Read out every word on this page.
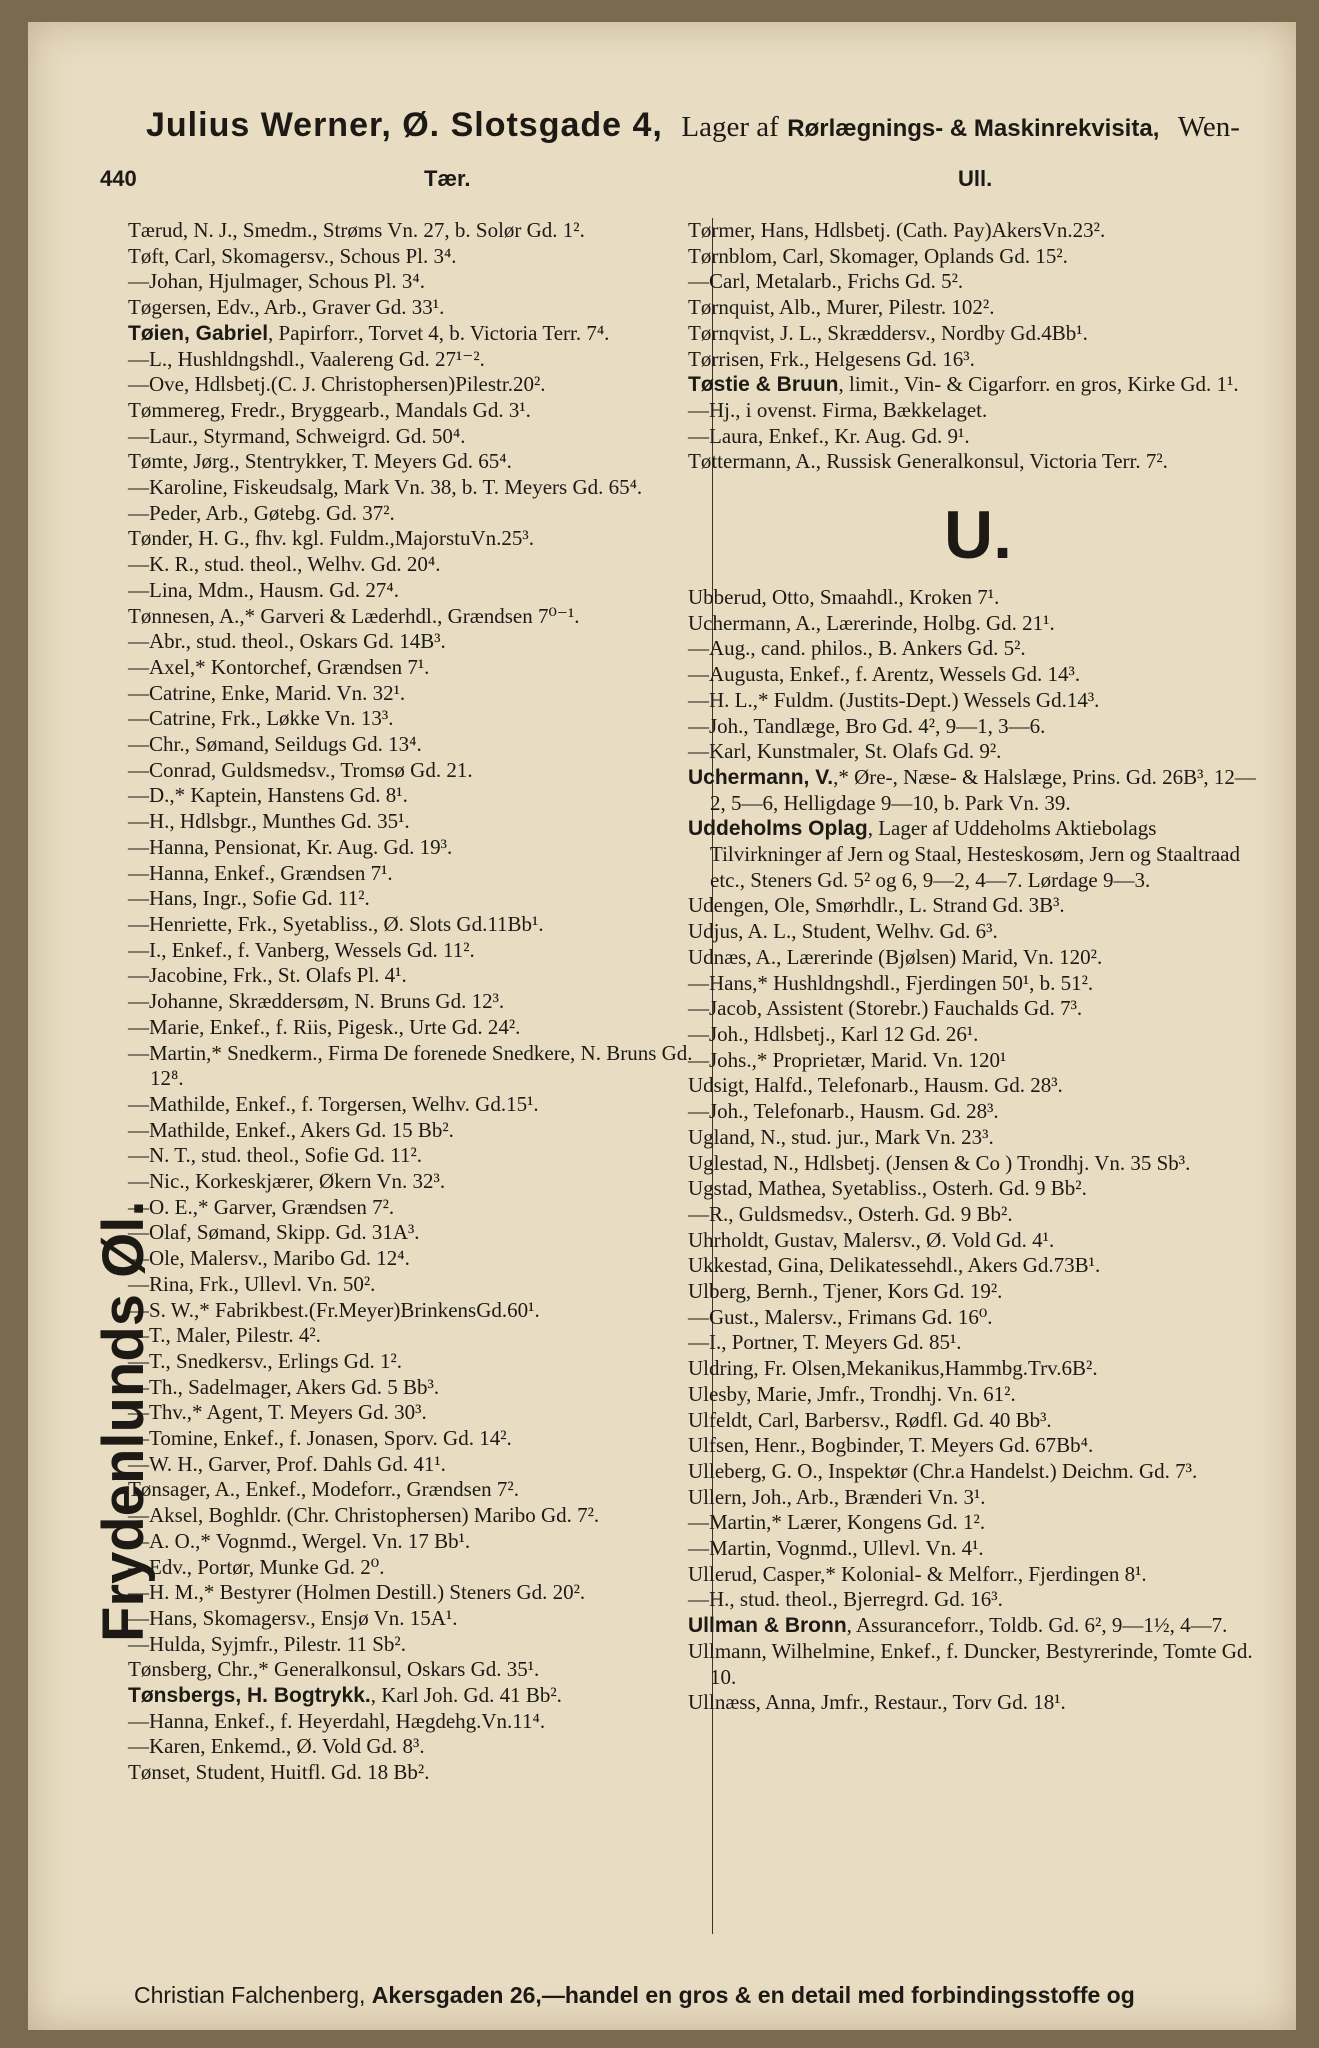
Julius Werner, Ø. Slotsgade 4, Lager af Rørlægnings- & Maskinrekvisita, Wen-
440	Tær.	Ull.
Frydenlunds Øl.
Tærud, N. J., Smedm., Strøms Vn. 27, b. Solør Gd. 1².
Tøft, Carl, Skomagersv., Schous Pl. 3⁴.
—Johan, Hjulmager, Schous Pl. 3⁴.
Tøgersen, Edv., Arb., Graver Gd. 33¹.
Tøien, Gabriel, Papirforr., Torvet 4, b. Victoria Terr. 7⁴.
—L., Hushldngshdl., Vaalereng Gd. 27¹⁻².
—Ove, Hdlsbetj.(C. J. Christophersen)Pilestr.20².
Tømmereg, Fredr., Bryggearb., Mandals Gd. 3¹.
—Laur., Styrmand, Schweigrd. Gd. 50⁴.
Tømte, Jørg., Stentrykker, T. Meyers Gd. 65⁴.
—Karoline, Fiskeudsalg, Mark Vn. 38, b. T. Meyers Gd. 65⁴.
—Peder, Arb., Gøtebg. Gd. 37².
Tønder, H. G., fhv. kgl. Fuldm.,MajorstuVn.25³.
—K. R., stud. theol., Welhv. Gd. 20⁴.
—Lina, Mdm., Hausm. Gd. 27⁴.
Tønnesen, A.,* Garveri & Læderhdl., Grændsen 7⁰⁻¹.
—Abr., stud. theol., Oskars Gd. 14B³.
—Axel,* Kontorchef, Grændsen 7¹.
—Catrine, Enke, Marid. Vn. 32¹.
—Catrine, Frk., Løkke Vn. 13³.
—Chr., Sømand, Seildugs Gd. 13⁴.
—Conrad, Guldsmedsv., Tromsø Gd. 21.
—D.,* Kaptein, Hanstens Gd. 8¹.
—H., Hdlsbgr., Munthes Gd. 35¹.
—Hanna, Pensionat, Kr. Aug. Gd. 19³.
—Hanna, Enkef., Grændsen 7¹.
—Hans, Ingr., Sofie Gd. 11².
—Henriette, Frk., Syetabliss., Ø. Slots Gd.11Bb¹.
—I., Enkef., f. Vanberg, Wessels Gd. 11².
—Jacobine, Frk., St. Olafs Pl. 4¹.
—Johanne, Skræddersøm, N. Bruns Gd. 12³.
—Marie, Enkef., f. Riis, Pigesk., Urte Gd. 24².
—Martin,* Snedkerm., Firma De forenede Snedkere, N. Bruns Gd. 12⁸.
—Mathilde, Enkef., f. Torgersen, Welhv. Gd.15¹.
—Mathilde, Enkef., Akers Gd. 15 Bb².
—N. T., stud. theol., Sofie Gd. 11².
—Nic., Korkeskjærer, Økern Vn. 32³.
—O. E.,* Garver, Grændsen 7².
—Olaf, Sømand, Skipp. Gd. 31A³.
—Ole, Malersv., Maribo Gd. 12⁴.
—Rina, Frk., Ullevl. Vn. 50².
—S. W.,* Fabrikbest.(Fr.Meyer)BrinkensGd.60¹.
—T., Maler, Pilestr. 4².
—T., Snedkersv., Erlings Gd. 1².
—Th., Sadelmager, Akers Gd. 5 Bb³.
—Thv.,* Agent, T. Meyers Gd. 30³.
—Tomine, Enkef., f. Jonasen, Sporv. Gd. 14².
—W. H., Garver, Prof. Dahls Gd. 41¹.
Tønsager, A., Enkef., Modeforr., Grændsen 7².
—Aksel, Boghldr. (Chr. Christophersen) Maribo Gd. 7².
—A. O.,* Vognmd., Wergel. Vn. 17 Bb¹.
—Edv., Portør, Munke Gd. 2⁰.
—H. M.,* Bestyrer (Holmen Destill.) Steners Gd. 20².
—Hans, Skomagersv., Ensjø Vn. 15A¹.
—Hulda, Syjmfr., Pilestr. 11 Sb².
Tønsberg, Chr.,* Generalkonsul, Oskars Gd. 35¹.
Tønsbergs, H. Bogtrykk., Karl Joh. Gd. 41 Bb².
—Hanna, Enkef., f. Heyerdahl, Hægdehg.Vn.11⁴.
—Karen, Enkemd., Ø. Vold Gd. 8³.
Tønset, Student, Huitfl. Gd. 18 Bb².
Tørmer, Hans, Hdlsbetj. (Cath. Pay)AkersVn.23².
Tørnblom, Carl, Skomager, Oplands Gd. 15².
—Carl, Metalarb., Frichs Gd. 5².
Tørnquist, Alb., Murer, Pilestr. 102².
Tørnqvist, J. L., Skræddersv., Nordby Gd.4Bb¹.
Tørrisen, Frk., Helgesens Gd. 16³.
Tøstie & Bruun, limit., Vin- & Cigarforr. en gros, Kirke Gd. 1¹.
—Hj., i ovenst. Firma, Bækkelaget.
—Laura, Enkef., Kr. Aug. Gd. 9¹.
Tøttermann, A., Russisk Generalkonsul, Victoria Terr. 7².
U.
Ubberud, Otto, Smaahdl., Kroken 7¹.
Uchermann, A., Lærerinde, Holbg. Gd. 21¹.
—Aug., cand. philos., B. Ankers Gd. 5².
—Augusta, Enkef., f. Arentz, Wessels Gd. 14³.
—H. L.,* Fuldm. (Justits-Dept.) Wessels Gd.14³.
—Joh., Tandlæge, Bro Gd. 4², 9—1, 3—6.
—Karl, Kunstmaler, St. Olafs Gd. 9².
Uchermann, V.,* Øre-, Næse- & Halslæge, Prins. Gd. 26B³, 12—2, 5—6, Helligdage 9—10, b. Park Vn. 39.
Uddeholms Oplag, Lager af Uddeholms Aktiebolags Tilvirkninger af Jern og Staal, Hesteskosøm, Jern og Staaltraad etc., Steners Gd. 5² og 6, 9—2, 4—7. Lørdage 9—3.
Udengen, Ole, Smørhdlr., L. Strand Gd. 3B³.
Udjus, A. L., Student, Welhv. Gd. 6³.
Udnæs, A., Lærerinde (Bjølsen) Marid, Vn. 120².
—Hans,* Hushldngshdl., Fjerdingen 50¹, b. 51².
—Jacob, Assistent (Storebr.) Fauchalds Gd. 7³.
—Joh., Hdlsbetj., Karl 12 Gd. 26¹.
—Johs.,* Proprietær, Marid. Vn. 120¹
Udsigt, Halfd., Telefonarb., Hausm. Gd. 28³.
—Joh., Telefonarb., Hausm. Gd. 28³.
Ugland, N., stud. jur., Mark Vn. 23³.
Uglestad, N., Hdlsbetj. (Jensen & Co ) Trondhj. Vn. 35 Sb³.
Ugstad, Mathea, Syetabliss., Osterh. Gd. 9 Bb².
—R., Guldsmedsv., Osterh. Gd. 9 Bb².
Uhrholdt, Gustav, Malersv., Ø. Vold Gd. 4¹.
Ukkestad, Gina, Delikatessehdl., Akers Gd.73B¹.
Ulberg, Bernh., Tjener, Kors Gd. 19².
—Gust., Malersv., Frimans Gd. 16⁰.
—I., Portner, T. Meyers Gd. 85¹.
Uldring, Fr. Olsen,Mekanikus,Hammbg.Trv.6B².
Ulesby, Marie, Jmfr., Trondhj. Vn. 61².
Ulfeldt, Carl, Barbersv., Rødfl. Gd. 40 Bb³.
Ulfsen, Henr., Bogbinder, T. Meyers Gd. 67Bb⁴.
Ulleberg, G. O., Inspektør (Chr.a Handelst.) Deichm. Gd. 7³.
Ullern, Joh., Arb., Brænderi Vn. 3¹.
—Martin,* Lærer, Kongens Gd. 1².
—Martin, Vognmd., Ullevl. Vn. 4¹.
Ullerud, Casper,* Kolonial- & Melforr., Fjerdingen 8¹.
—H., stud. theol., Bjerregrd. Gd. 16³.
Ullman & Bronn, Assuranceforr., Toldb. Gd. 6², 9—1½, 4—7.
Ullmann, Wilhelmine, Enkef., f. Duncker, Bestyrerinde, Tomte Gd. 10.
Ullnæss, Anna, Jmfr., Restaur., Torv Gd. 18¹.
Christian Falchenberg, Akersgaden 26,—handel en gros & en detail med forbindingsstoffe og
